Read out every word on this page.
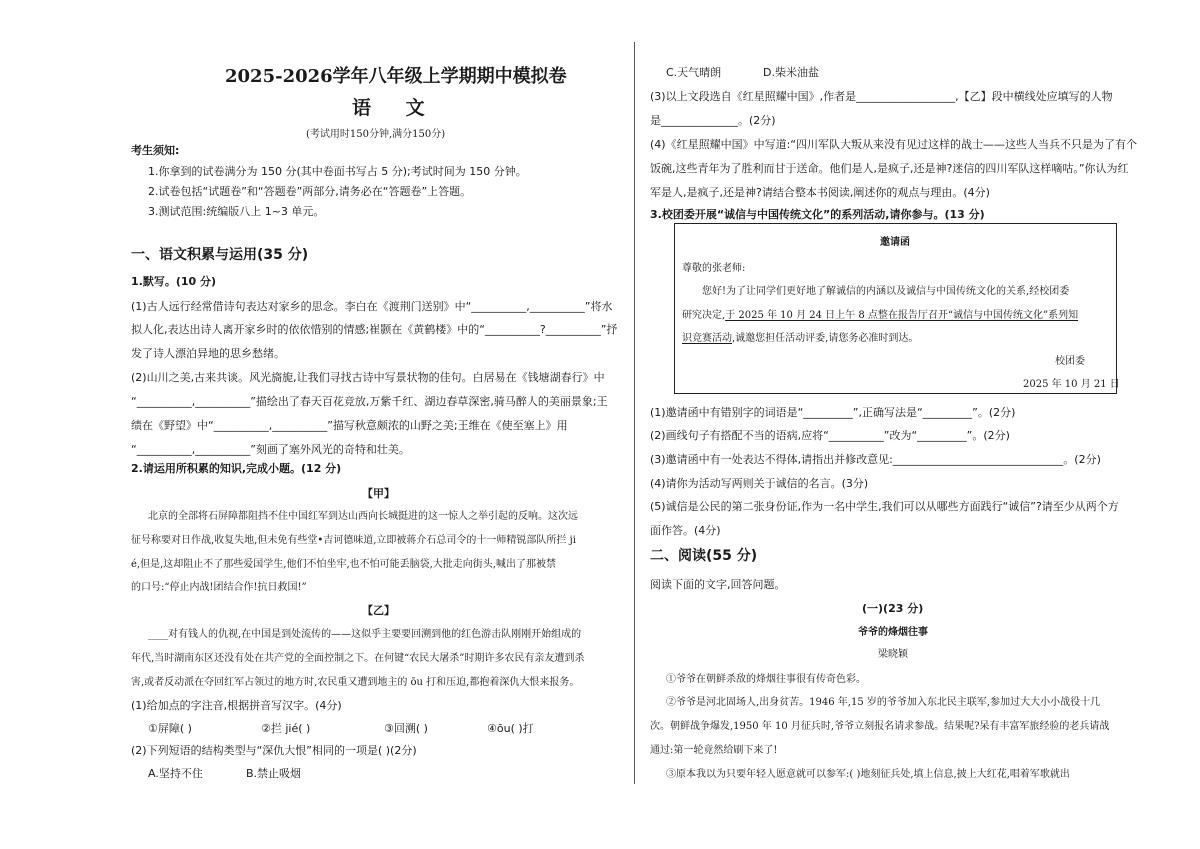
2025-2026学年八年级上学期期中模拟卷
语 文
(考试用时150分钟,满分150分)
考生须知:
1.你拿到的试卷满分为 150 分(其中卷面书写占 5 分);考试时间为 150 分钟。
2.试卷包括“试题卷”和“答题卷”两部分,请务必在“答题卷”上答题。
3.测试范围:统编版八上 1~3 单元。
一、语文积累与运用(35 分)
1.默写。(10 分)
(1)古人远行经常借诗句表达对家乡的思念。李白在《渡荆门送别》中“__________,__________”将水
拟人化,表达出诗人离开家乡时的依依惜别的情感;崔颢在《黄鹤楼》中的“__________?__________”抒
发了诗人漂泊异地的思乡愁绪。
(2)山川之美,古来共谈。风光旖旎,让我们寻找古诗中写景状物的佳句。白居易在《钱塘湖春行》中
“__________,__________”描绘出了春天百花竞放,万紫千红、湖边春草深密,骑马醉人的美丽景象;王
绩在《野望》中“__________,__________”描写秋意颇浓的山野之美;王维在《使至塞上》用
“__________,__________”刻画了塞外风光的奇特和壮美。
2.请运用所积累的知识,完成小题。(12 分)
【甲】
北京的全部将石屏障都阻挡不住中国红军到达山西向长城挺进的这一惊人之举引起的反响。这次远
征号称要对日作战,收复失地,但未免有些堂•吉诃德味道,立即被蒋介石总司令的十一师精锐部队所拦 ji
é,但是,这却阻止不了那些爱国学生,他们不怕坐牢,也不怕可能丢脑袋,大批走向街头,喊出了那被禁
的口号:“停止内战!团结合作!抗日救国!”
【乙】
____对有钱人的仇视,在中国是到处流传的——这似乎主要要回溯到他的红色游击队刚刚开始组成的
年代,当时湖南东区还没有处在共产党的全面控制之下。在何键“农民大屠杀”时期许多农民有亲友遭到杀
害,或者反动派在夺回红军占领过的地方时,农民重又遭到地主的 ōu 打和压迫,都抱着深仇大恨来报务。
(1)给加点的字注音,根据拼音写汉字。(4分)
①屏障( )	②拦 jié( )	③回溯( )	④ōu( )打
(2)下列短语的结构类型与“深仇大恨”相同的一项是( )(2分)
A.坚持不住	B.禁止吸烟
C.天气晴朗	D.柴米油盐
(3)以上文段选自《红星照耀中国》,作者是__________________,【乙】段中横线处应填写的人物
是______________。(2分)
(4)《红星照耀中国》中写道:“四川军队大叛从来没有见过这样的战士——这些人当兵不只是为了有个
饭碗,这些青年为了胜利而甘于送命。他们是人,是疯子,还是神?迷信的四川军队这样嘀咕。”你认为红
军是人,是疯子,还是神?请结合整本书阅读,阐述你的观点与理由。(4分)
3.校团委开展“诚信与中国传统文化”的系列活动,请你参与。(13 分)
邀请函
尊敬的张老师:
您好!为了让同学们更好地了解诚信的内涵以及诚信与中国传统文化的关系,经校团委
研究决定,于 2025 年 10 月 24 日上午 8 点整在报告厅召开“诚信与中国传统文化”系列知
识竞赛活动,诚邀您担任活动评委,请您务必准时到达。
校团委
2025 年 10 月 21 日
(1)邀请函中有错别字的词语是“_________”,正确写法是“_________”。(2分)
(2)画线句子有搭配不当的语病,应将“__________”改为“_________”。(2分)
(3)邀请函中有一处表达不得体,请指出并修改意见:_______________________________。(2分)
(4)请你为活动写两则关于诚信的名言。(3分)
(5)诚信是公民的第二张身份证,作为一名中学生,我们可以从哪些方面践行“诚信”?请至少从两个方
面作答。(4分)
二、阅读(55 分)
阅读下面的文字,回答问题。
(一)(23 分)
爷爷的烽烟往事
梁晓颖
①爷爷在朝鲜杀敌的烽烟往事很有传奇色彩。
②爷爷是河北固场人,出身贫苦。1946 年,15 岁的爷爷加入东北民主联军,参加过大大小小战役十几
次。朝鲜战争爆发,1950 年 10 月征兵时,爷爷立刻报名请求参战。结果呢?呆有丰富军旅经验的老兵请战
通过:第一轮竟然给刷下来了!
③原本我以为只要年轻人愿意就可以参军:( )地刻征兵处,填上信息,披上大红花,唱着军歌就出
